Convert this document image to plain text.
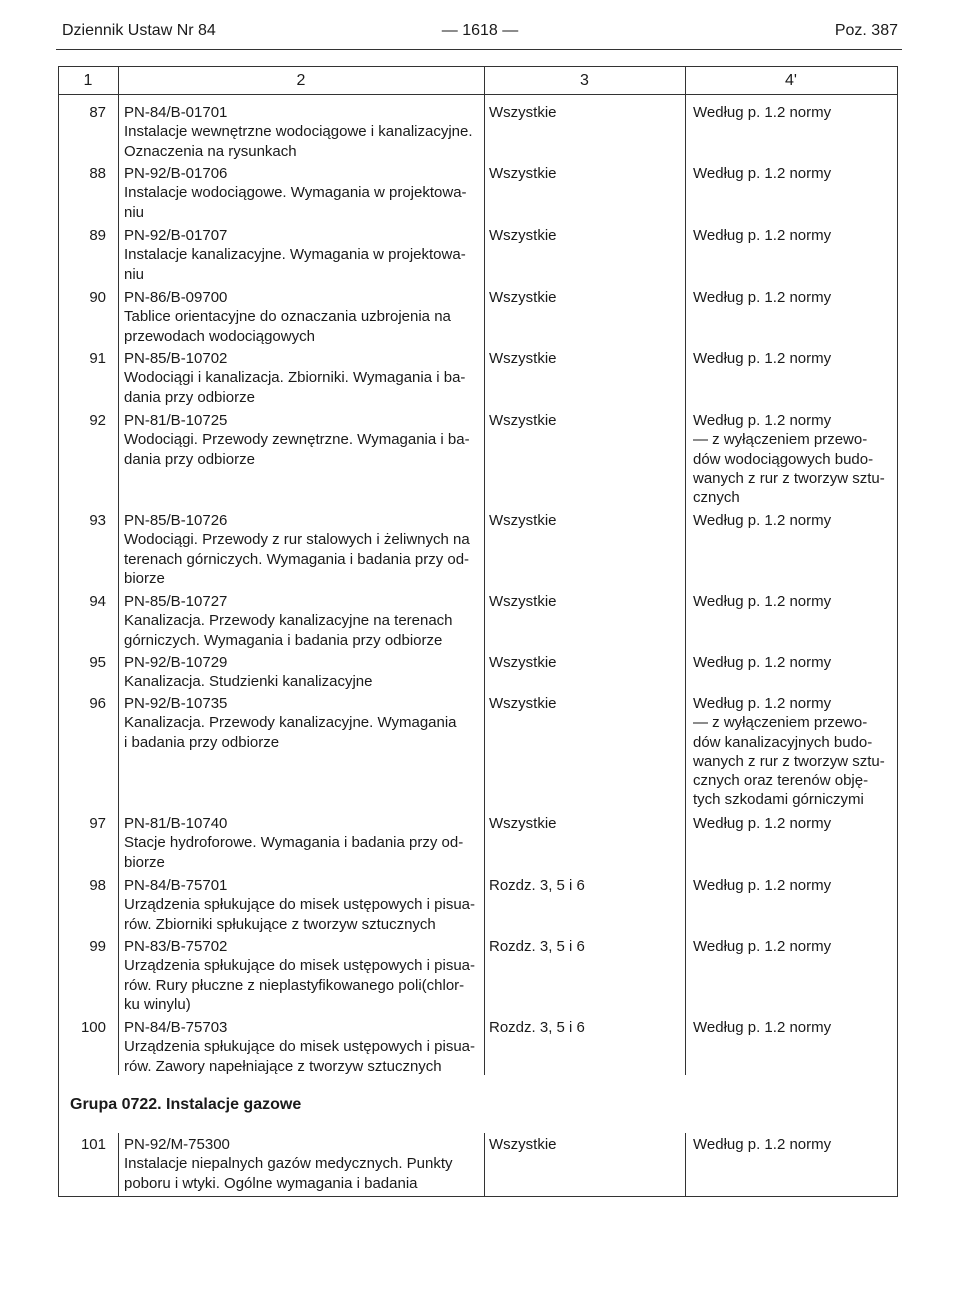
Dziennik Ustaw Nr 84	— 1618 —	Poz. 387
1	2	3	4'
87 PN-84/B-01701
Instalacje wewnętrzne wodociągowe i kanalizacyjne.
Oznaczenia na rysunkach
Wszystkie	Według p. 1.2 normy
88 PN-92/B-01706
Instalacje wodociągowe. Wymagania w projektowa-
niu
Wszystkie	Według p. 1.2 normy
89 PN-92/B-01707
Instalacje kanalizacyjne. Wymagania w projektowa-
niu
Wszystkie	Według p. 1.2 normy
90 PN-86/B-09700
Tablice orientacyjne do oznaczania uzbrojenia na
przewodach wodociągowych
Wszystkie	Według p. 1.2 normy
91 PN-85/B-10702
Wodociągi i kanalizacja. Zbiorniki. Wymagania i ba-
dania przy odbiorze
Wszystkie	Według p. 1.2 normy
92 PN-81/B-10725
Wodociągi. Przewody zewnętrzne. Wymagania i ba-
dania przy odbiorze
Wszystkie	Według p. 1.2 normy
— z wyłączeniem przewo-
dów wodociągowych budo-
wanych z rur z tworzyw sztu-
cznych
93 PN-85/B-10726
Wodociągi. Przewody z rur stalowych i żeliwnych na
terenach górniczych. Wymagania i badania przy od-
biorze
Wszystkie	Według p. 1.2 normy
94 PN-85/B-10727
Kanalizacja. Przewody kanalizacyjne na terenach
górniczych. Wymagania i badania przy odbiorze
Wszystkie	Według p. 1.2 normy
95 PN-92/B-10729
Kanalizacja. Studzienki kanalizacyjne
Wszystkie	Według p. 1.2 normy
96 PN-92/B-10735
Kanalizacja. Przewody kanalizacyjne. Wymagania
i badania przy odbiorze
Wszystkie	Według p. 1.2 normy
— z wyłączeniem przewo-
dów kanalizacyjnych budo-
wanych z rur z tworzyw sztu-
cznych oraz terenów obję-
tych szkodami górniczymi
97 PN-81/B-10740
Stacje hydroforowe. Wymagania i badania przy od-
biorze
Wszystkie	Według p. 1.2 normy
98 PN-84/B-75701
Urządzenia spłukujące do misek ustępowych i pisua-
rów. Zbiorniki spłukujące z tworzyw sztucznych
Rozdz. 3, 5 i 6	Według p. 1.2 normy
99 PN-83/B-75702
Urządzenia spłukujące do misek ustępowych i pisua-
rów. Rury płuczne z nieplastyfikowanego poli(chlor-
ku winylu)
Rozdz. 3, 5 i 6	Według p. 1.2 normy
100 PN-84/B-75703
Urządzenia spłukujące do misek ustępowych i pisua-
rów. Zawory napełniające z tworzyw sztucznych
Rozdz. 3, 5 i 6	Według p. 1.2 normy
Grupa 0722. Instalacje gazowe
101 PN-92/M-75300
Instalacje niepalnych gazów medycznych. Punkty
poboru i wtyki. Ogólne wymagania i badania
Wszystkie	Według p. 1.2 normy
